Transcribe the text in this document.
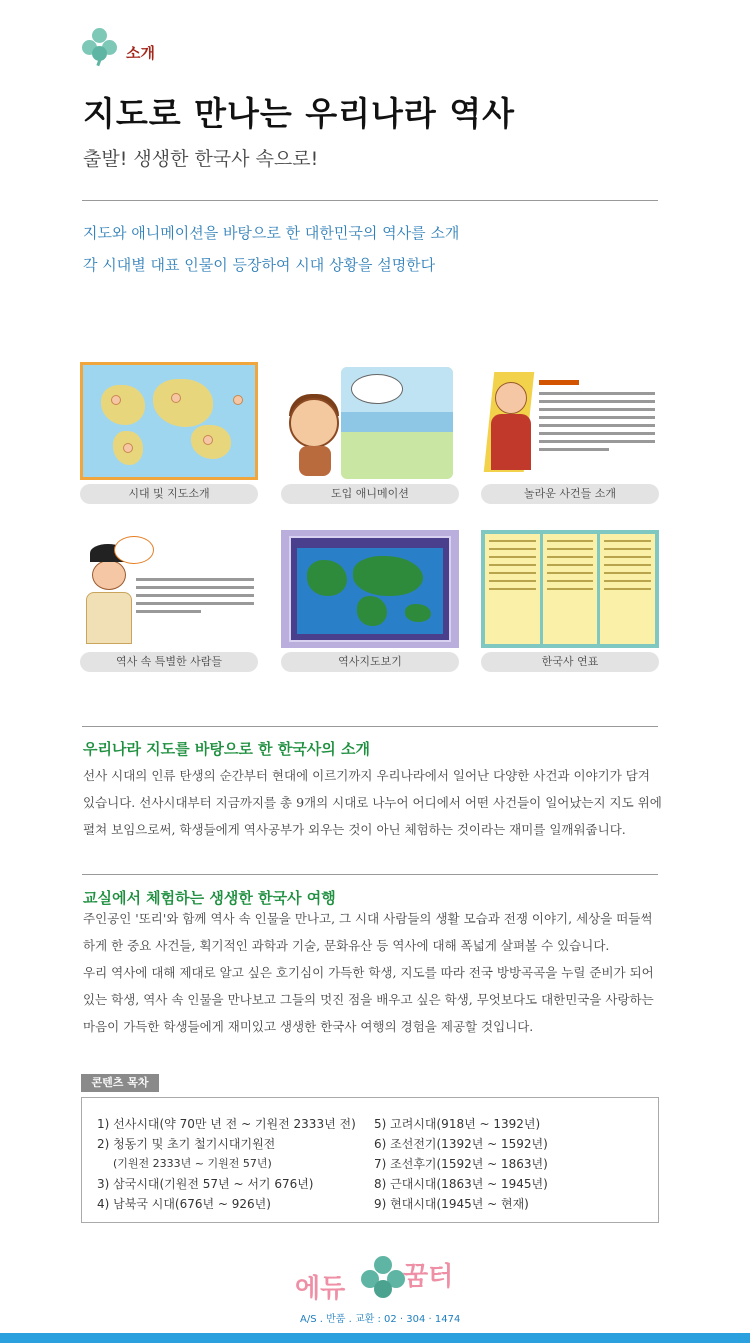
소개
지도로 만나는 우리나라 역사
출발! 생생한 한국사 속으로!
지도와 애니메이션을 바탕으로 한 대한민국의 역사를 소개
각 시대별 대표 인물이 등장하여 시대 상황을 설명한다
시대 및 지도소개	도입 애니메이션	놀라운 사건들 소개
역사 속 특별한 사람들	역사지도보기	한국사 연표
우리나라 지도를 바탕으로 한 한국사의 소개
선사 시대의 인류 탄생의 순간부터 현대에 이르기까지 우리나라에서 일어난 다양한 사건과 이야기가 담겨
있습니다. 선사시대부터 지금까지를 총 9개의 시대로 나누어 어디에서 어떤 사건들이 일어났는지 지도 위에
펼쳐 보임으로써, 학생들에게 역사공부가 외우는 것이 아닌 체험하는 것이라는 재미를 일깨워줍니다.
교실에서 체험하는 생생한 한국사 여행
주인공인 '또리'와 함께 역사 속 인물을 만나고, 그 시대 사람들의 생활 모습과 전쟁 이야기, 세상을 떠들썩
하게 한 중요 사건들, 획기적인 과학과 기술, 문화유산 등 역사에 대해 폭넓게 살펴볼 수 있습니다.
우리 역사에 대해 제대로 알고 싶은 호기심이 가득한 학생, 지도를 따라 전국 방방곡곡을 누릴 준비가 되어
있는 학생, 역사 속 인물을 만나보고 그들의 멋진 점을 배우고 싶은 학생, 무엇보다도 대한민국을 사랑하는
마음이 가득한 학생들에게 재미있고 생생한 한국사 여행의 경험을 제공할 것입니다.
콘텐츠 목차
1) 선사시대(약 70만 년 전 ~ 기원전 2333년 전)
2) 청동기 및 초기 철기시대기원전
(기원전 2333년 ~ 기원전 57년)
3) 삼국시대(기원전 57년 ~ 서기 676년)
4) 남북국 시대(676년 ~ 926년)
5) 고려시대(918년 ~ 1392년)
6) 조선전기(1392년 ~ 1592년)
7) 조선후기(1592년 ~ 1863년)
8) 근대시대(1863년 ~ 1945년)
9) 현대시대(1945년 ~ 현재)
에듀 꿈터
A/S . 반품 . 교환 : 02 · 304 · 1474
